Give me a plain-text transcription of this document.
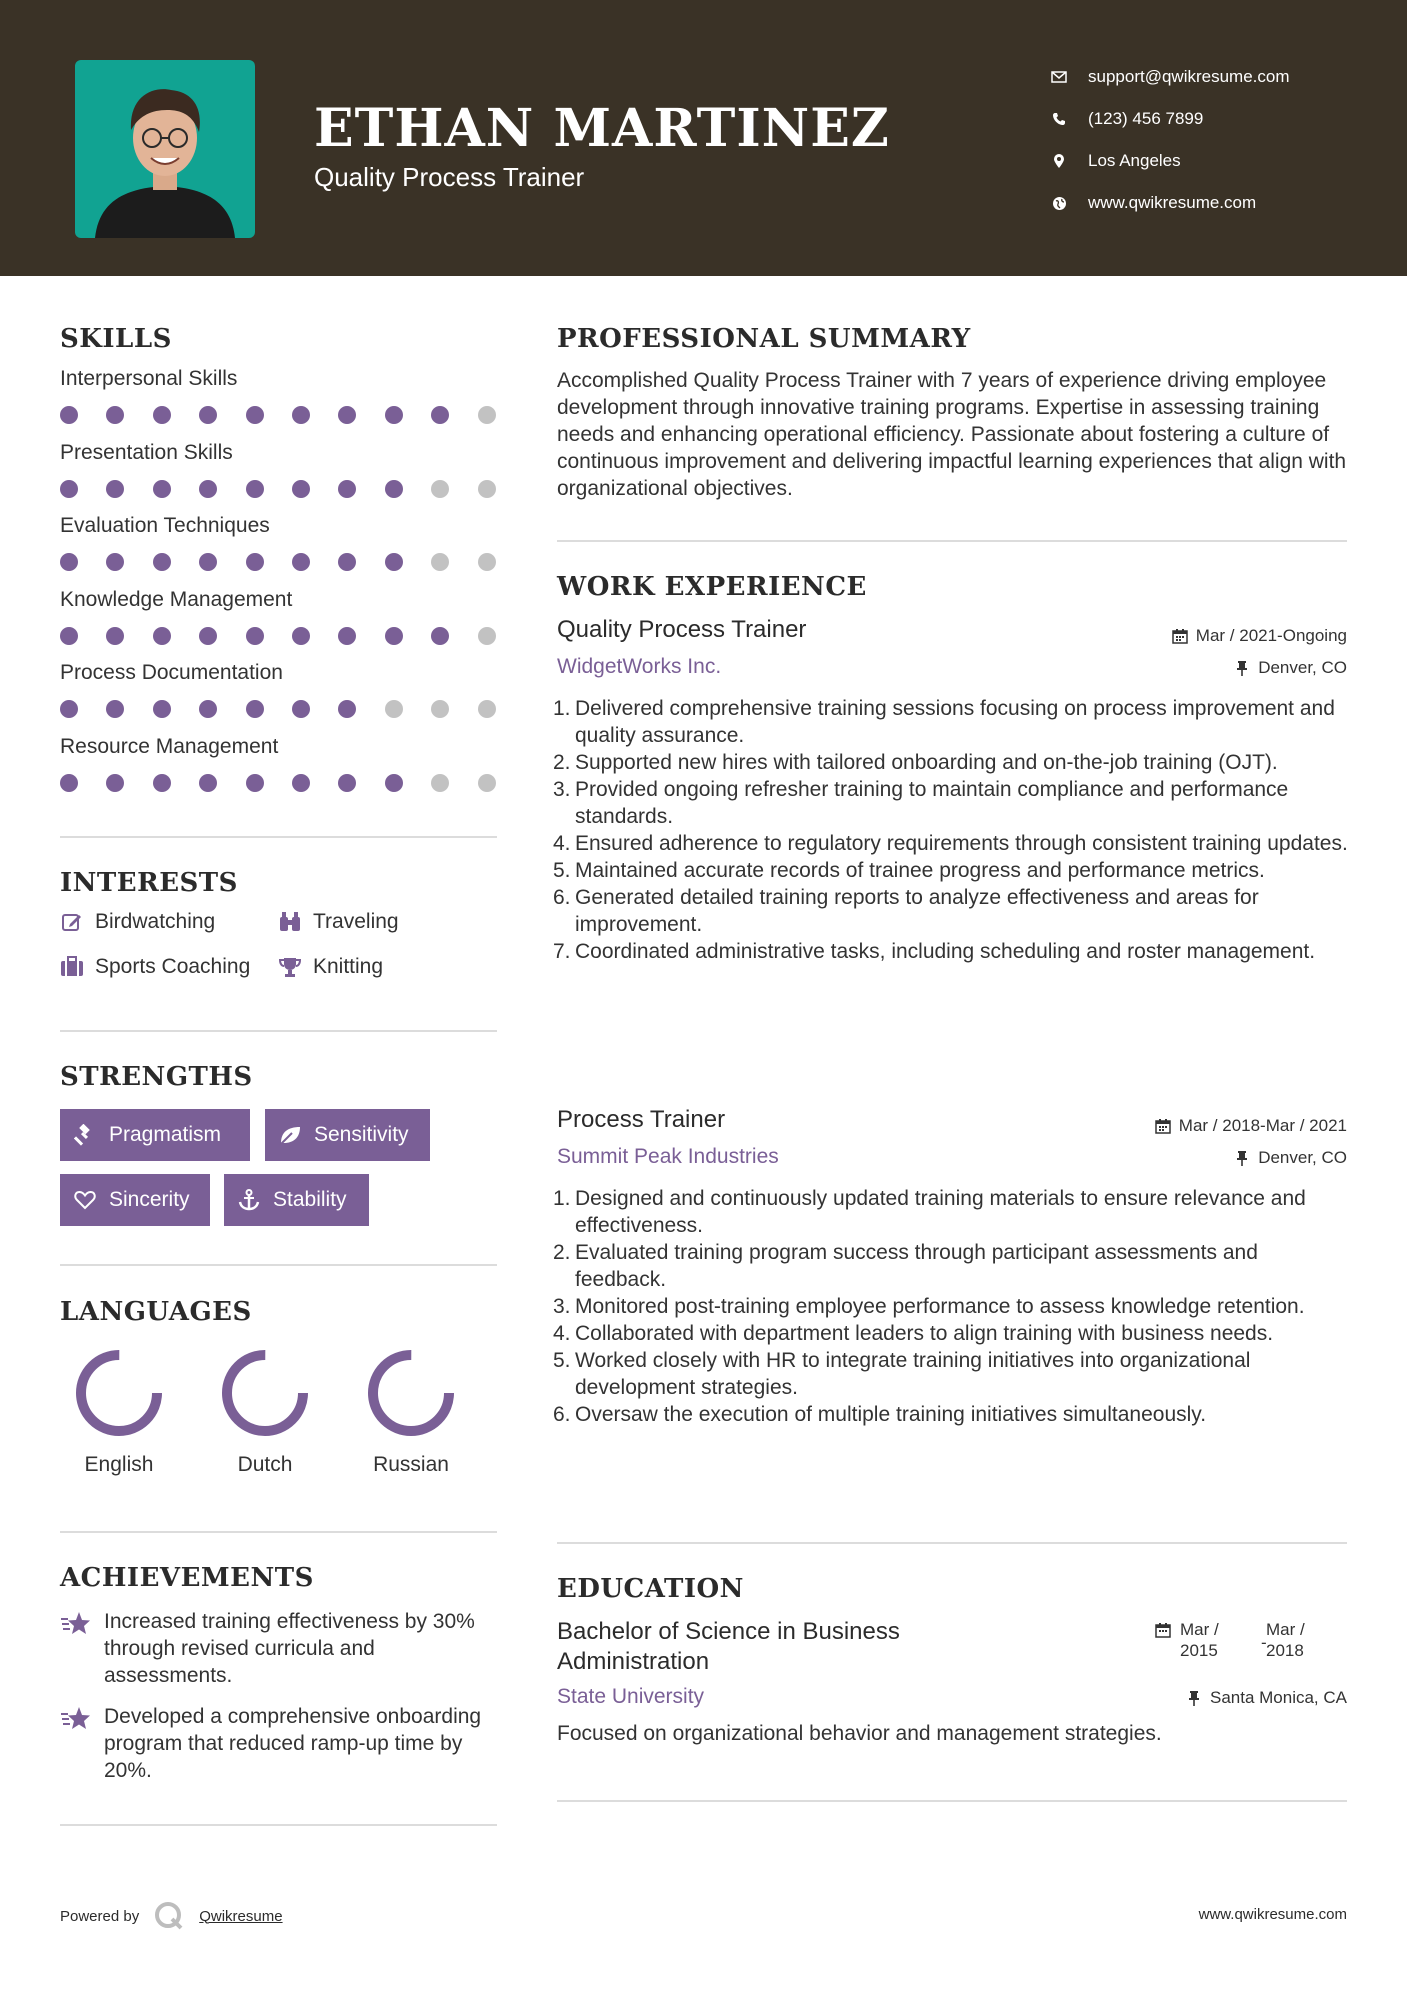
ETHAN MARTINEZ
Quality Process Trainer
support@qwikresume.com
(123) 456 7899
Los Angeles
www.qwikresume.com
SKILLS
Interpersonal Skills
Presentation Skills
Evaluation Techniques
Knowledge Management
Process Documentation
Resource Management
INTERESTS
Birdwatching	Traveling
Sports Coaching	Knitting
STRENGTHS
Pragmatism	Sensitivity
Sincerity	Stability
LANGUAGES
English	Dutch	Russian
ACHIEVEMENTS
Increased training effectiveness by 30% through revised curricula and assessments.
Developed a comprehensive onboarding program that reduced ramp-up time by 20%.
PROFESSIONAL SUMMARY
Accomplished Quality Process Trainer with 7 years of experience driving employee development through innovative training programs. Expertise in assessing training needs and enhancing operational efficiency. Passionate about fostering a culture of continuous improvement and delivering impactful learning experiences that align with organizational objectives.
WORK EXPERIENCE
Quality Process Trainer	Mar / 2021-Ongoing
WidgetWorks Inc.	Denver, CO
1. Delivered comprehensive training sessions focusing on process improvement and quality assurance.
2. Supported new hires with tailored onboarding and on-the-job training (OJT).
3. Provided ongoing refresher training to maintain compliance and performance standards.
4. Ensured adherence to regulatory requirements through consistent training updates.
5. Maintained accurate records of trainee progress and performance metrics.
6. Generated detailed training reports to analyze effectiveness and areas for improvement.
7. Coordinated administrative tasks, including scheduling and roster management.
Process Trainer	Mar / 2018-Mar / 2021
Summit Peak Industries	Denver, CO
1. Designed and continuously updated training materials to ensure relevance and effectiveness.
2. Evaluated training program success through participant assessments and feedback.
3. Monitored post-training employee performance to assess knowledge retention.
4. Collaborated with department leaders to align training with business needs.
5. Worked closely with HR to integrate training initiatives into organizational development strategies.
6. Oversaw the execution of multiple training initiatives simultaneously.
EDUCATION
Bachelor of Science in Business
Administration
Mar /
2015	-
Mar /
2018
State University	Santa Monica, CA
Focused on organizational behavior and management strategies.
Powered by	Qwikresume	www.qwikresume.com
